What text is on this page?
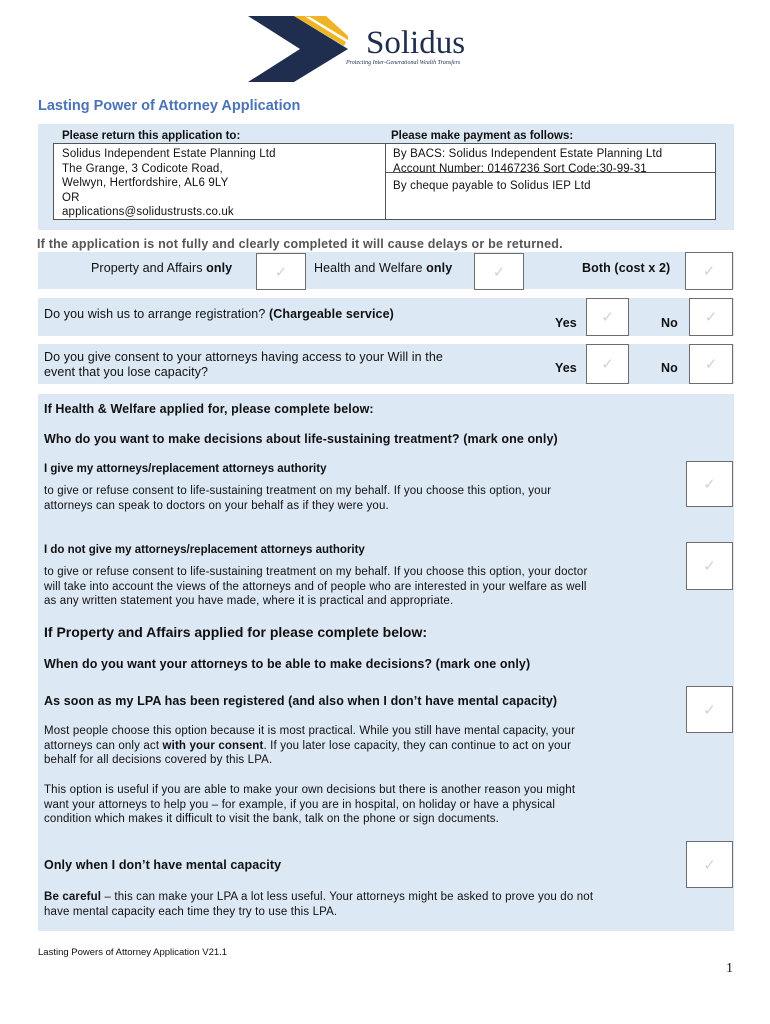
Solidus
Protecting Inter-Generational Wealth Transfers
Lasting Power of Attorney Application
Please return this application to:	Please make payment as follows:
Solidus Independent Estate Planning Ltd
The Grange, 3 Codicote Road,
Welwyn, Hertfordshire, AL6 9LY
OR
applications@solidustrusts.co.uk
By BACS: Solidus Independent Estate Planning Ltd
Account Number: 01467236 Sort Code:30-99-31
By cheque payable to Solidus IEP Ltd
If the application is not fully and clearly completed it will cause delays or be returned.
Property and Affairs only	✓ Health and Welfare only	✓	Both (cost x 2) ✓
Do you wish us to arrange registration? (Chargeable service)
Yes ✓	No ✓
Do you give consent to your attorneys having access to your Will in the
event that you lose capacity?	Yes ✓	No ✓
If Health & Welfare applied for, please complete below:
Who do you want to make decisions about life-sustaining treatment? (mark one only)
I give my attorneys/replacement attorneys authority
to give or refuse consent to life-sustaining treatment on my behalf. If you choose this option, your
attorneys can speak to doctors on your behalf as if they were you.
✓
I do not give my attorneys/replacement attorneys authority
to give or refuse consent to life-sustaining treatment on my behalf. If you choose this option, your doctor
will take into account the views of the attorneys and of people who are interested in your welfare as well
as any written statement you have made, where it is practical and appropriate.
✓
If Property and Affairs applied for please complete below:
When do you want your attorneys to be able to make decisions? (mark one only)
As soon as my LPA has been registered (and also when I don’t have mental capacity)
✓
Most people choose this option because it is most practical. While you still have mental capacity, your
attorneys can only act with your consent. If you later lose capacity, they can continue to act on your
behalf for all decisions covered by this LPA.
This option is useful if you are able to make your own decisions but there is another reason you might
want your attorneys to help you – for example, if you are in hospital, on holiday or have a physical
condition which makes it difficult to visit the bank, talk on the phone or sign documents.
Only when I don’t have mental capacity	✓
Be careful – this can make your LPA a lot less useful. Your attorneys might be asked to prove you do not
have mental capacity each time they try to use this LPA.
Lasting Powers of Attorney Application V21.1
1
